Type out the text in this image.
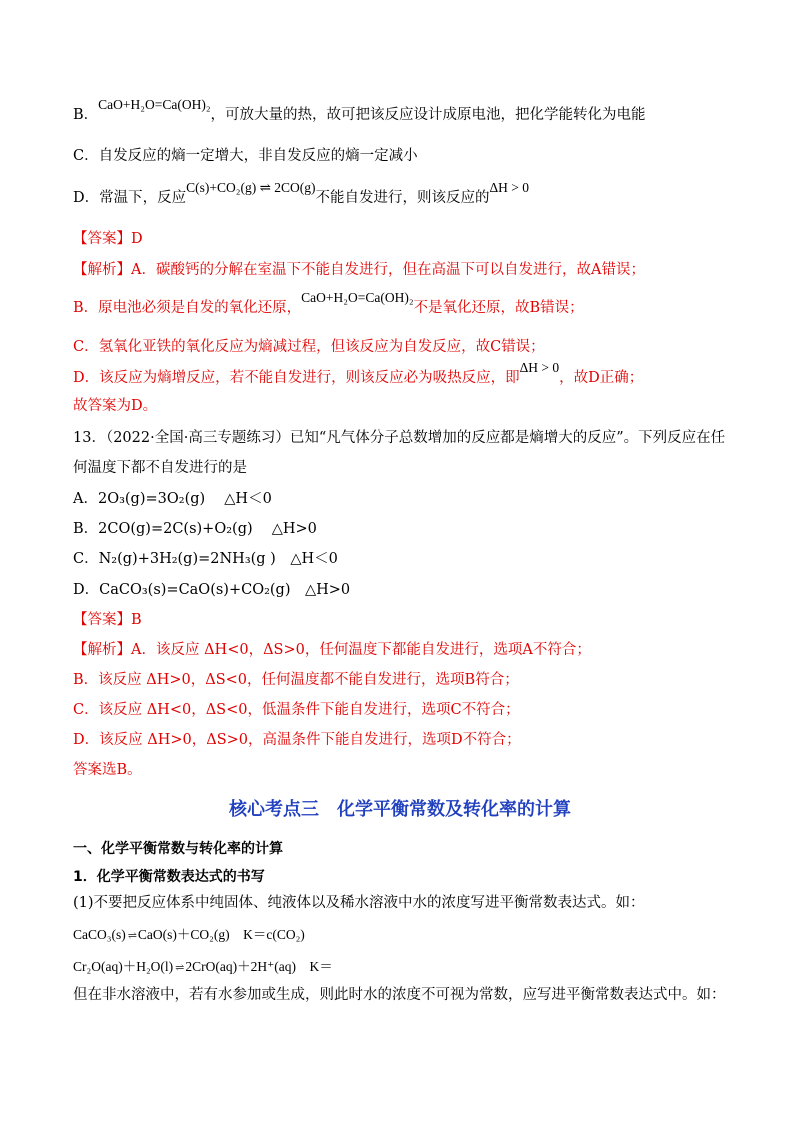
B．CaO+H₂O=Ca(OH)₂，可放大量的热，故可把该反应设计成原电池，把化学能转化为电能
C．自发反应的熵一定增大，非自发反应的熵一定减小
D．常温下，反应C(s)+CO₂(g) ⇌ 2CO(g)不能自发进行，则该反应的ΔH > 0
【答案】D
【解析】A．碳酸钙的分解在室温下不能自发进行，但在高温下可以自发进行，故A错误；
B．原电池必须是自发的氧化还原，CaO+H₂O=Ca(OH)₂不是氧化还原，故B错误；
C．氢氧化亚铁的氧化反应为熵减过程，但该反应为自发反应，故C错误；
D．该反应为熵增反应，若不能自发进行，则该反应必为吸热反应，即ΔH > 0，故D正确；
故答案为D。
13．（2022·全国·高三专题练习）已知“凡气体分子总数增加的反应都是熵增大的反应”。下列反应在任
何温度下都不自发进行的是
A．2O₃(g)=3O₂(g)　 △H＜0
B．2CO(g)=2C(s)+O₂(g)　 △H>0
C．N₂(g)+3H₂(g)=2NH₃(g )　△H＜0
D．CaCO₃(s)=CaO(s)+CO₂(g)　△H>0
【答案】B
【解析】A．该反应 ΔH<0，ΔS>0，任何温度下都能自发进行，选项A不符合；
B．该反应 ΔH>0，ΔS<0，任何温度都不能自发进行，选项B符合；
C．该反应 ΔH<0，ΔS<0，低温条件下能自发进行，选项C不符合；
D．该反应 ΔH>0，ΔS>0，高温条件下能自发进行，选项D不符合；
答案选B。
核心考点三　化学平衡常数及转化率的计算
一、化学平衡常数与转化率的计算
1．化学平衡常数表达式的书写
(1)不要把反应体系中纯固体、纯液体以及稀水溶液中水的浓度写进平衡常数表达式。如：
CaCO₃(s) ⇌ CaO(s)＋CO₂(g)　K＝c(CO₂)
Cr₂O(aq)＋H₂O(l) ⇌ 2CrO(aq)＋2H⁺(aq)　K＝
但在非水溶液中，若有水参加或生成，则此时水的浓度不可视为常数，应写进平衡常数表达式中。如：
